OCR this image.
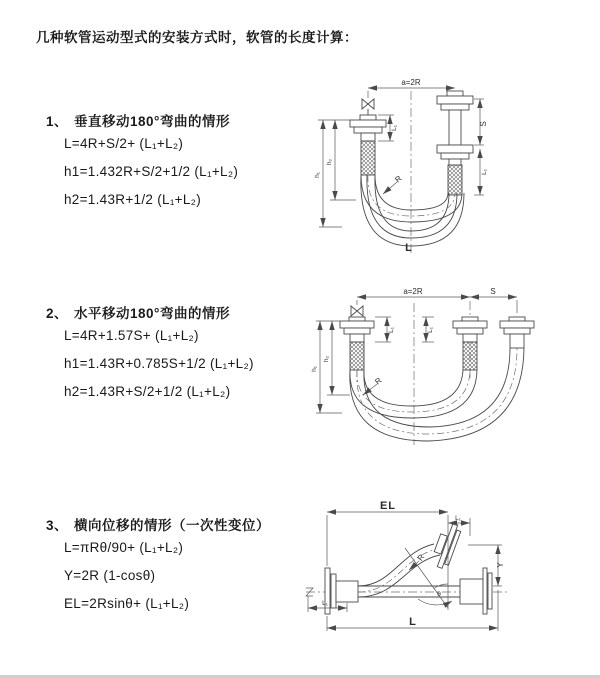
几种软管运动型式的安装方式时，软管的长度计算：
1、 垂直移动180°弯曲的情形
L=4R+S/2+ (L₁+L₂)
h1=1.432R+S/2+1/2 (L₁+L₂)
h2=1.43R+1/2 (L₁+L₂)
2、 水平移动180°弯曲的情形
L=4R+1.57S+ (L₁+L₂)
h1=1.43R+0.785S+1/2 (L₁+L₂)
h2=1.43R+S/2+1/2 (L₁+L₂)
3、 横向位移的情形（一次性变位）
L=πRθ/90+ (L₁+L₂)
Y=2R (1-cosθ)
EL=2Rsinθ+ (L₁+L₂)
a=2R
S
L₁
h₁
h₂
L₁
R
L
a=2R	S
h₁
h₂
L₁	L₁
R
EL
L₁
Y
R
θ
L₁
L
